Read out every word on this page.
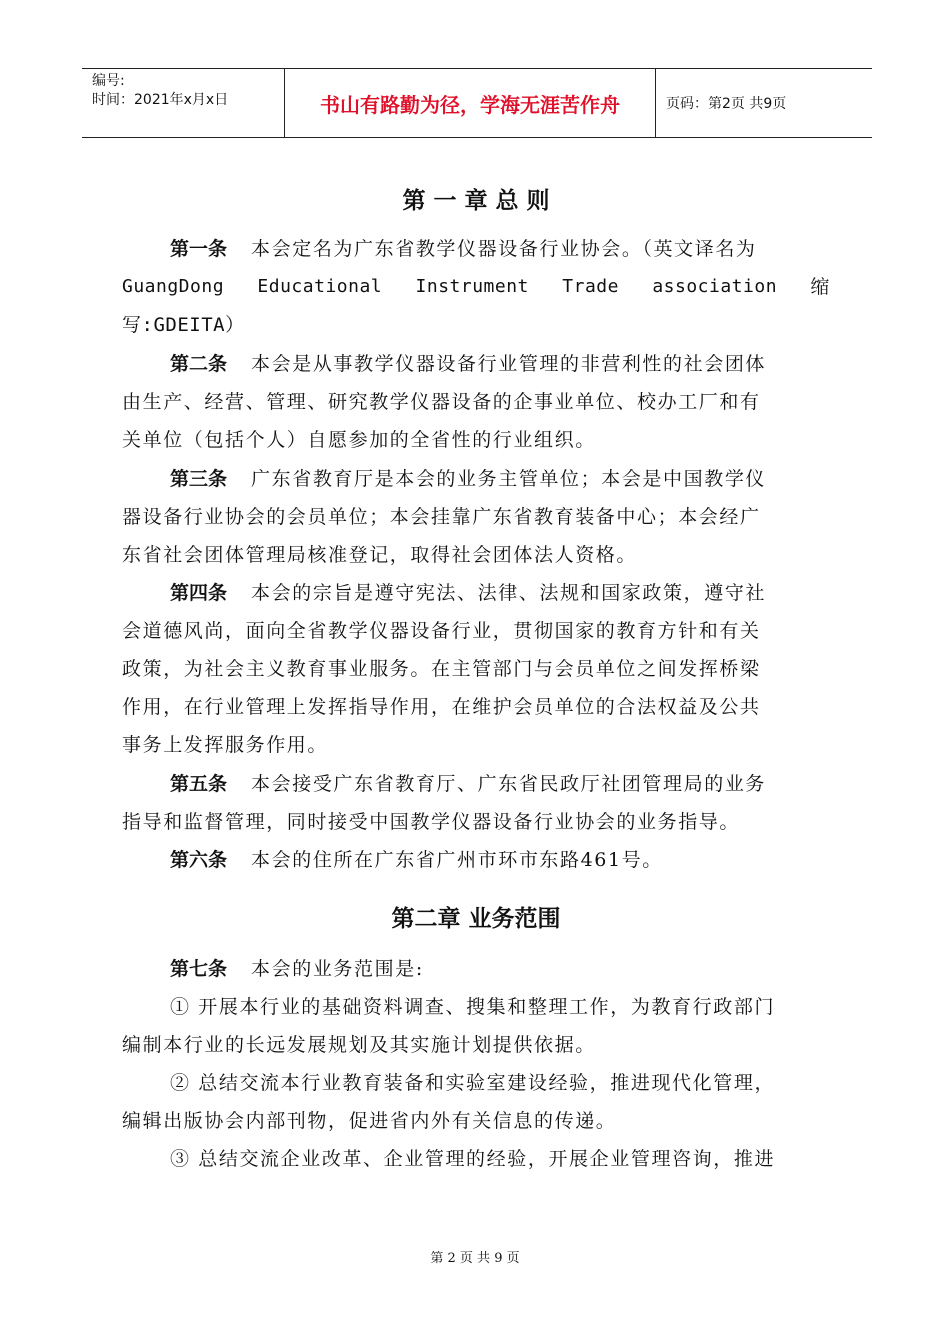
编号:
时间：2021年x月x日	书山有路勤为径，学海无涯苦作舟	页码：第2页 共9页
第 一 章 总 则
第一条 本会定名为广东省教学仪器设备行业协会。（英文译名为
GuangDong Educational Instrument Trade association 缩
写:GDEITA）
第二条 本会是从事教学仪器设备行业管理的非营利性的社会团体
由生产、经营、管理、研究教学仪器设备的企事业单位、校办工厂和有
关单位（包括个人）自愿参加的全省性的行业组织。
第三条 广东省教育厅是本会的业务主管单位；本会是中国教学仪
器设备行业协会的会员单位；本会挂靠广东省教育装备中心；本会经广
东省社会团体管理局核准登记，取得社会团体法人资格。
第四条 本会的宗旨是遵守宪法、法律、法规和国家政策，遵守社
会道德风尚，面向全省教学仪器设备行业，贯彻国家的教育方针和有关
政策，为社会主义教育事业服务。在主管部门与会员单位之间发挥桥梁
作用，在行业管理上发挥指导作用，在维护会员单位的合法权益及公共
事务上发挥服务作用。
第五条 本会接受广东省教育厅、广东省民政厅社团管理局的业务
指导和监督管理，同时接受中国教学仪器设备行业协会的业务指导。
第六条 本会的住所在广东省广州市环市东路461号。
第二章 业务范围
第七条 本会的业务范围是:
① 开展本行业的基础资料调查、搜集和整理工作，为教育行政部门
编制本行业的长远发展规划及其实施计划提供依据。
② 总结交流本行业教育装备和实验室建设经验，推进现代化管理，
编辑出版协会内部刊物，促进省内外有关信息的传递。
③ 总结交流企业改革、企业管理的经验，开展企业管理咨询，推进
第 2 页 共 9 页
